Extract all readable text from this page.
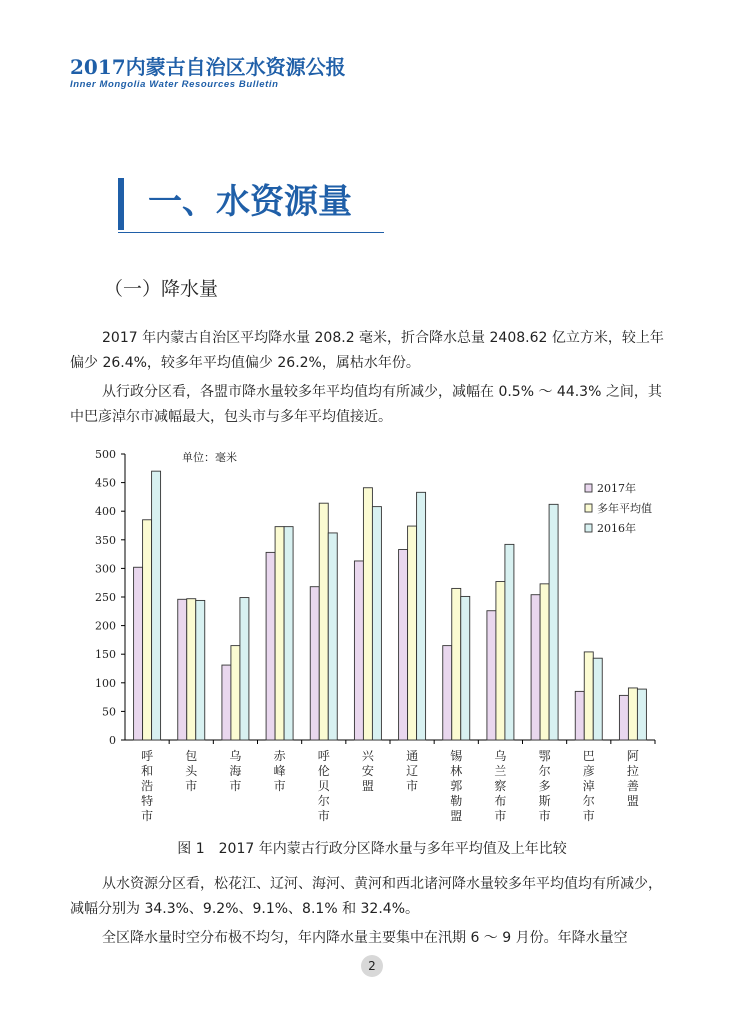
2017内蒙古自治区水资源公报
Inner Mongolia Water Resources Bulletin
一、水资源量
（一）降水量
2017 年内蒙古自治区平均降水量 208.2 毫米，折合降水总量 2408.62 亿立方米，较上年偏少 26.4%，较多年平均值偏少 26.2%，属枯水年份。
从行政分区看，各盟市降水量较多年平均值均有所减少，减幅在 0.5% ～ 44.3% 之间，其中巴彦淖尔市减幅最大，包头市与多年平均值接近。
0
50
100
150
200
250
300
350
400
450
500
呼和浩特市
包头市
乌海市
赤峰市
呼伦贝尔市
兴安盟
通辽市
锡林郭勒盟
乌兰察布市
鄂尔多斯市
巴彦淖尔市
阿拉善盟
单位：毫米
2017年
多年平均值
2016年
图 1　2017 年内蒙古行政分区降水量与多年平均值及上年比较
从水资源分区看，松花江、辽河、海河、黄河和西北诸河降水量较多年平均值均有所减少，减幅分别为 34.3%、9.2%、9.1%、8.1% 和 32.4%。
全区降水量时空分布极不均匀，年内降水量主要集中在汛期 6 ～ 9 月份。年降水量空
2
